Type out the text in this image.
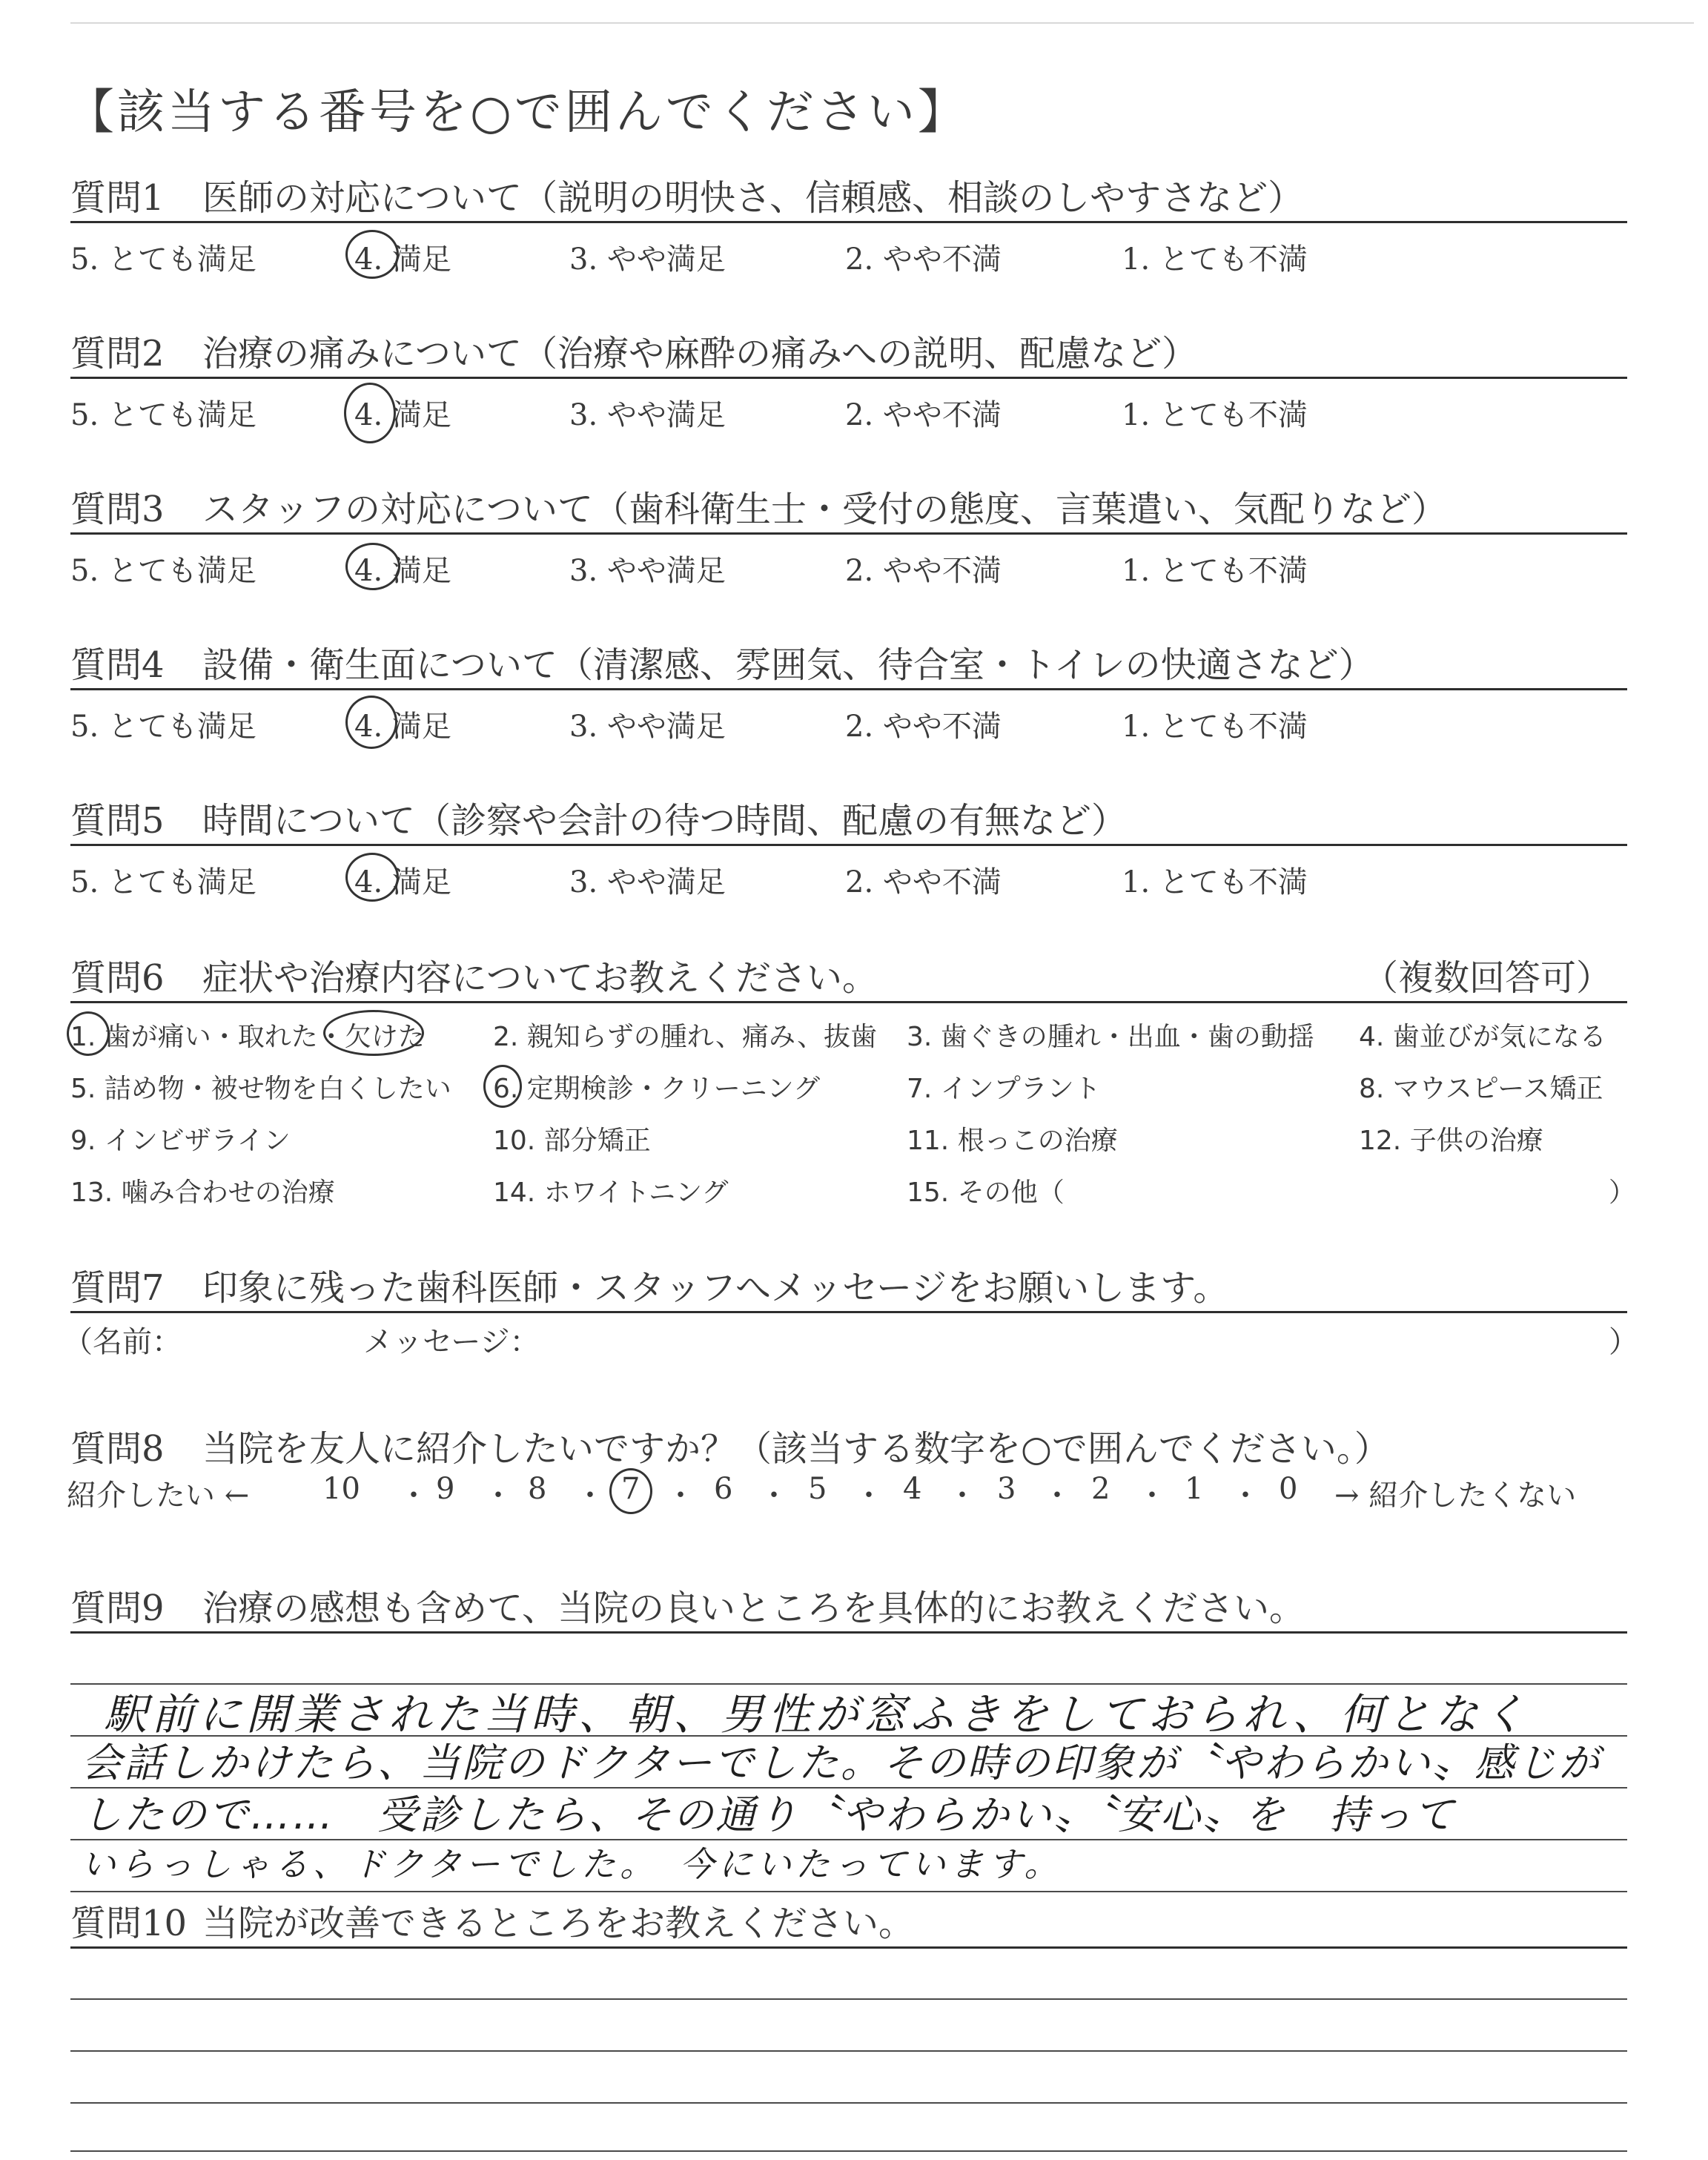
【該当する番号を○で囲んでください】
質問1 医師の対応について（説明の明快さ、信頼感、相談のしやすさなど）
5. とても満足	4. 満足	3. やや満足	2. やや不満	1. とても不満
質問2 治療の痛みについて（治療や麻酔の痛みへの説明、配慮など）
5. とても満足	4. 満足	3. やや満足	2. やや不満	1. とても不満
質問3 スタッフの対応について（歯科衛生士・受付の態度、言葉遣い、気配りなど）
5. とても満足	4. 満足	3. やや満足	2. やや不満	1. とても不満
質問4 設備・衛生面について（清潔感、雰囲気、待合室・トイレの快適さなど）
5. とても満足	4. 満足	3. やや満足	2. やや不満	1. とても不満
質問5 時間について（診察や会計の待つ時間、配慮の有無など）
5. とても満足	4. 満足	3. やや満足	2. やや不満	1. とても不満
質問6 症状や治療内容についてお教えください。	（複数回答可）
1. 歯が痛い・取れた・欠けた	2. 親知らずの腫れ、痛み、抜歯 3. 歯ぐきの腫れ・出血・歯の動揺 4. 歯並びが気になる
5. 詰め物・被せ物を白くしたい 6. 定期検診・クリーニング	7. インプラント	8. マウスピース矯正
9. インビザライン	10. 部分矯正	11. 根っこの治療	12. 子供の治療
13. 噛み合わせの治療	14. ホワイトニング	15. その他（	）
質問7 印象に残った歯科医師・スタッフへメッセージをお願いします。
（名前：	メッセージ：	）
質問8 当院を友人に紹介したいですか？（該当する数字を○で囲んでください。）
紹介したい ← 10 ・ 9 ・ 8 ・ 7 ・ 6 ・ 5 ・ 4 ・ 3 ・ 2 ・ 1 ・ 0 → 紹介したくない
質問9 治療の感想も含めて、当院の良いところを具体的にお教えください。
駅前に開業された当時、朝、男性が窓ふきをしておられ、何となく
会話しかけたら、当院のドクターでした。その時の印象が〝やわらかい〟感じが
したので……　受診したら、その通り〝やわらかい〟〝安心〟を　持って
いらっしゃる、ドクターでした。　今にいたっています。
質問10 当院が改善できるところをお教えください。
